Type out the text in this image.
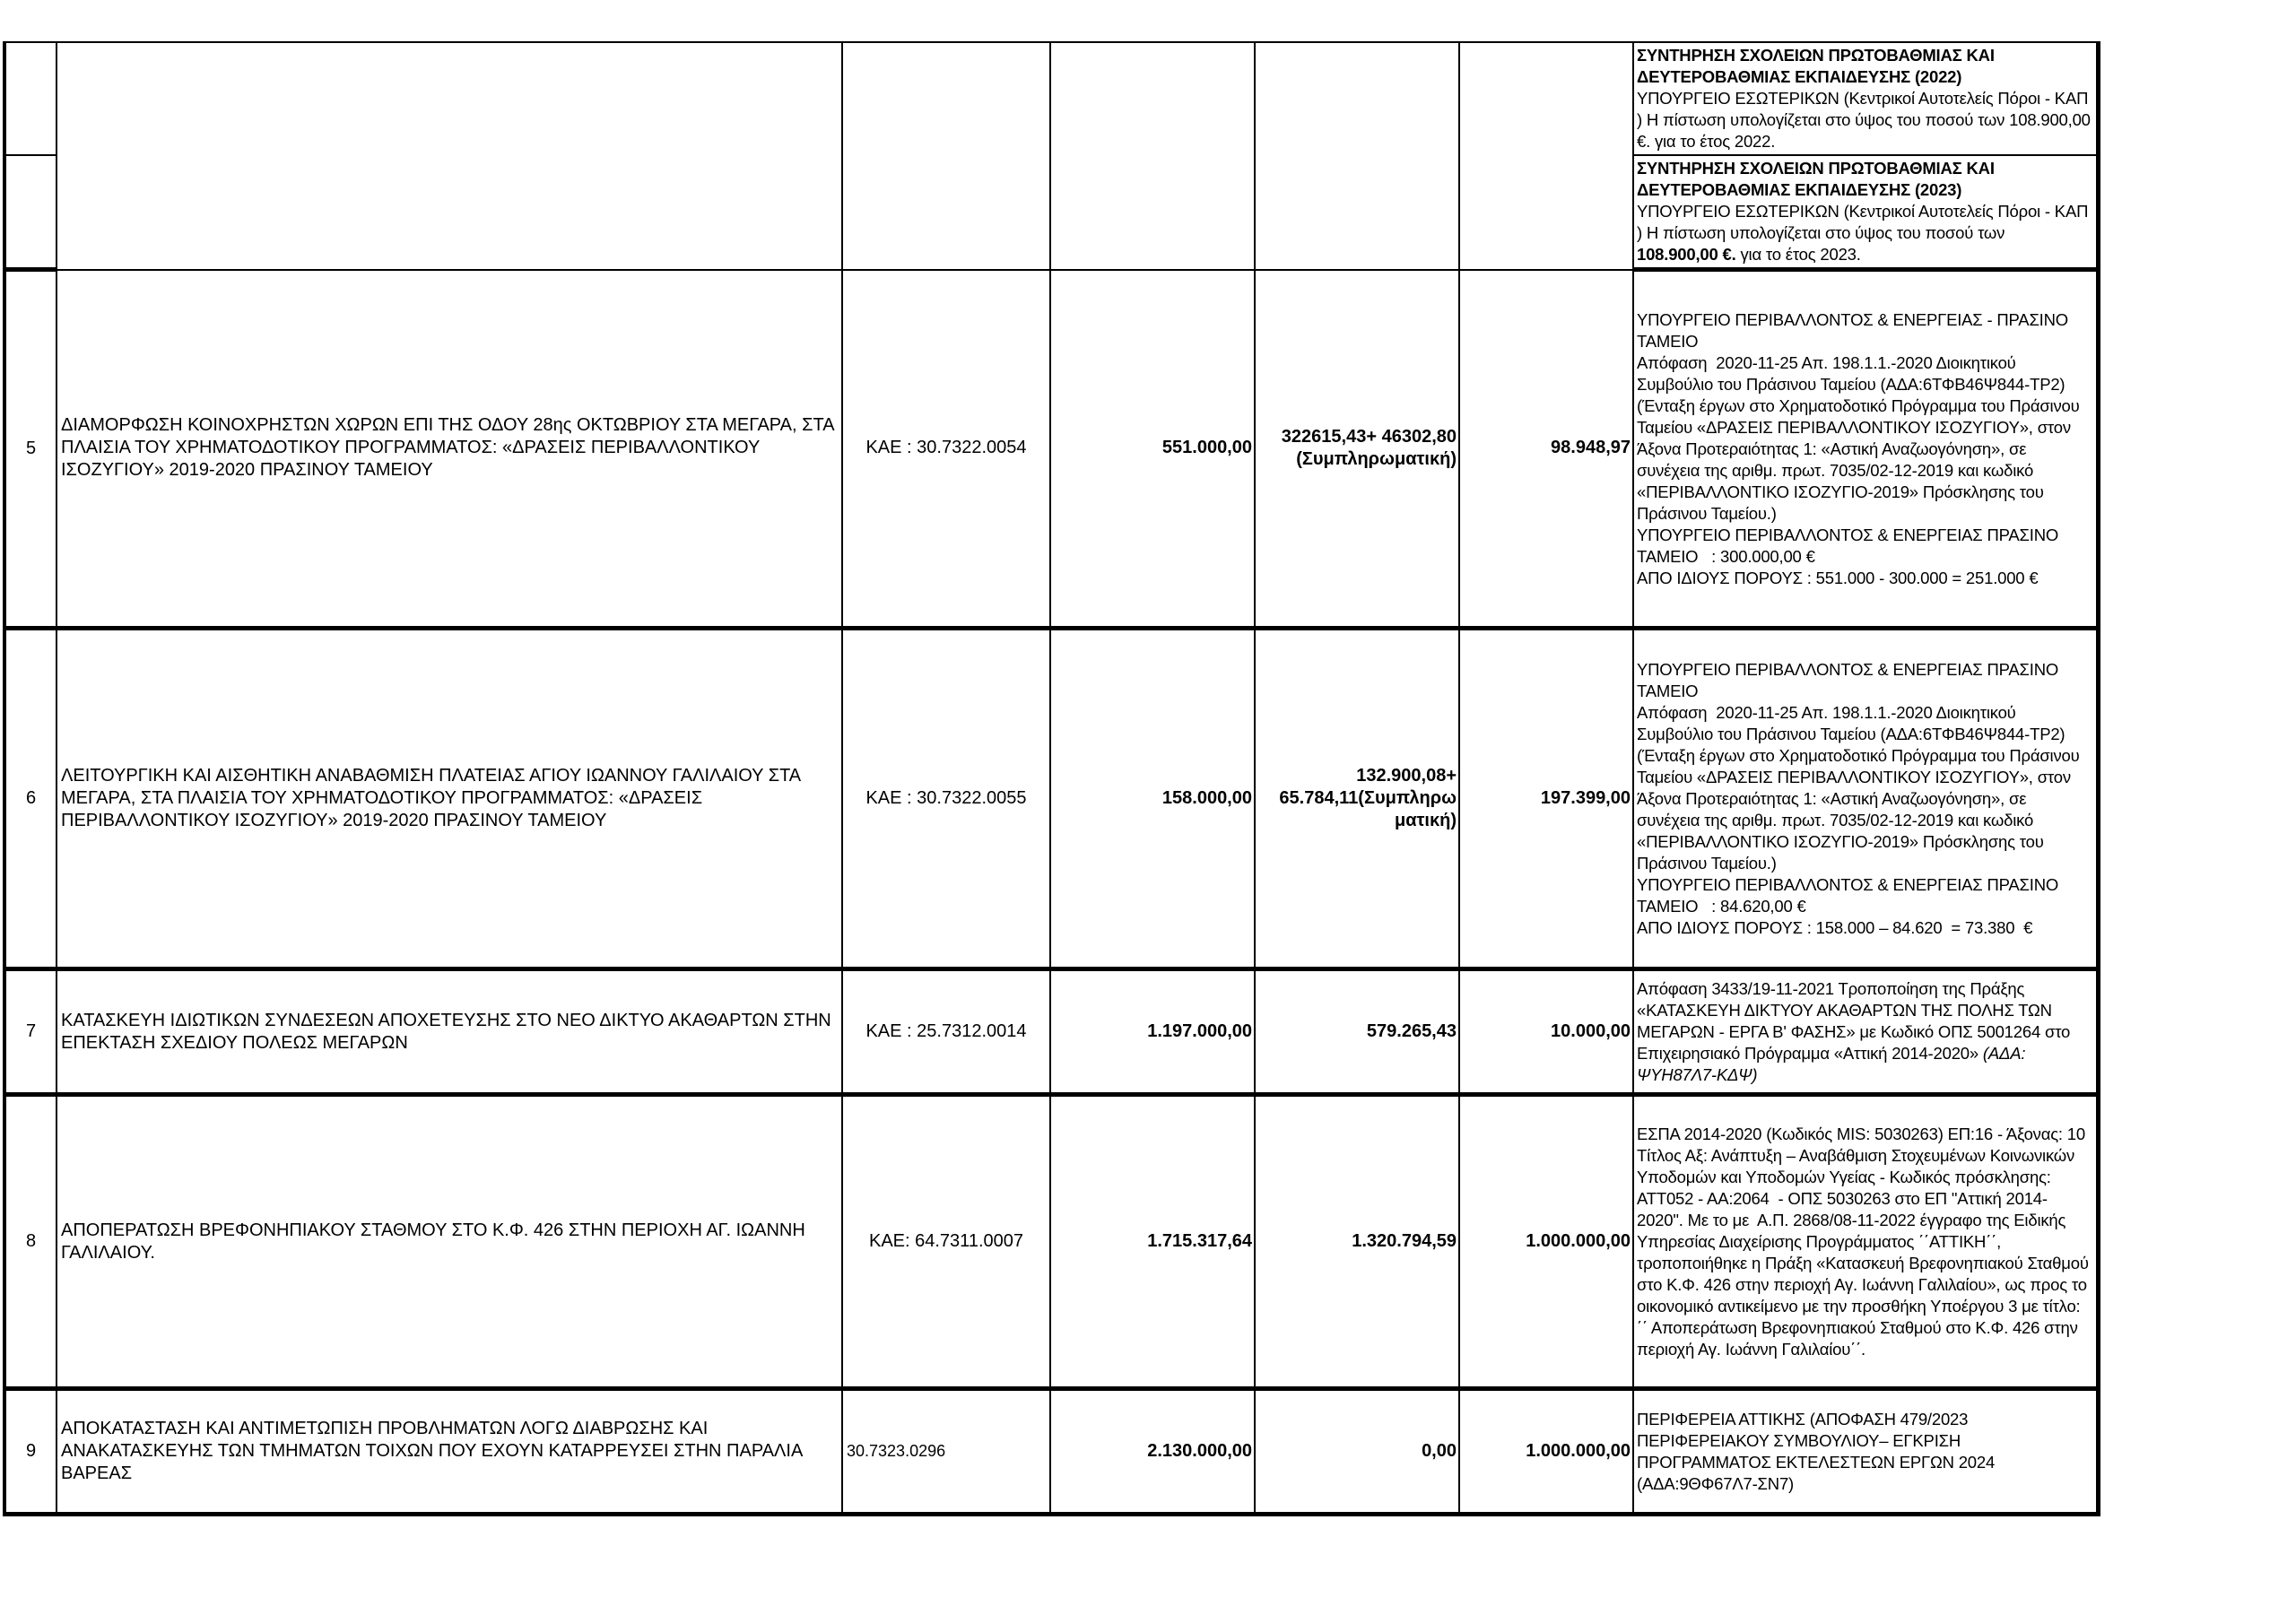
						ΣΥΝΤΗΡΗΣΗ ΣΧΟΛΕΙΩΝ ΠΡΩΤΟΒΑΘΜΙΑΣ ΚΑΙ ΔΕΥΤΕΡΟΒΑΘΜΙΑΣ ΕΚΠΑΙΔΕΥΣΗΣ (2022)
ΥΠΟΥΡΓΕΙΟ ΕΣΩΤΕΡΙΚΩΝ (Κεντρικοί Αυτοτελείς Πόροι - ΚΑΠ ) Η πίστωση υπολογίζεται στο ύψος του ποσού των 108.900,00 €. για το έτος 2022.
						ΣΥΝΤΗΡΗΣΗ ΣΧΟΛΕΙΩΝ ΠΡΩΤΟΒΑΘΜΙΑΣ ΚΑΙ ΔΕΥΤΕΡΟΒΑΘΜΙΑΣ ΕΚΠΑΙΔΕΥΣΗΣ (2023)
ΥΠΟΥΡΓΕΙΟ ΕΣΩΤΕΡΙΚΩΝ (Κεντρικοί Αυτοτελείς Πόροι - ΚΑΠ ) Η πίστωση υπολογίζεται στο ύψος του ποσού των
108.900,00 €. για το έτος 2023.
5	ΔΙΑΜΟΡΦΩΣΗ ΚΟΙΝΟΧΡΗΣΤΩΝ ΧΩΡΩΝ ΕΠΙ ΤΗΣ ΟΔΟΥ 28ης ΟΚΤΩΒΡΙΟΥ ΣΤΑ ΜΕΓΑΡΑ, ΣΤΑ ΠΛΑΙΣΙΑ ΤΟΥ ΧΡΗΜΑΤΟΔΟΤΙΚΟΥ ΠΡΟΓΡΑΜΜΑΤΟΣ: «ΔΡΑΣΕΙΣ ΠΕΡΙΒΑΛΛΟΝΤΙΚΟΥ ΙΣΟΖΥΓΙΟΥ» 2019-2020 ΠΡΑΣΙΝΟΥ ΤΑΜΕΙΟΥ	ΚΑΕ : 30.7322.0054	551.000,00	322615,43+ 46302,80 (Συμπληρωματική)	98.948,97	ΥΠΟΥΡΓΕΙΟ ΠΕΡΙΒΑΛΛΟΝΤΟΣ & ΕΝΕΡΓΕΙΑΣ - ΠΡΑΣΙΝΟ ΤΑΜΕΙΟ
Απόφαση  2020-11-25 Απ. 198.1.1.-2020 Διοικητικού Συμβούλιο του Πράσινου Ταμείου (ΑΔΑ:6ΤΦΒ46Ψ844-ΤΡ2)
(Ένταξη έργων στο Χρηματοδοτικό Πρόγραμμα του Πράσινου Ταμείου «ΔΡΑΣΕΙΣ ΠΕΡΙΒΑΛΛΟΝΤΙΚΟΥ ΙΣΟΖΥΓΙΟΥ», στον Άξονα Προτεραιότητας 1: «Αστική Αναζωογόνηση», σε συνέχεια της αριθμ. πρωτ. 7035/02-12-2019 και κωδικό «ΠΕΡΙΒΑΛΛΟΝΤΙΚΟ ΙΣΟΖΥΓΙΟ-2019» Πρόσκλησης του Πράσινου Ταμείου.)
ΥΠΟΥΡΓΕΙΟ ΠΕΡΙΒΑΛΛΟΝΤΟΣ & ΕΝΕΡΓΕΙΑΣ ΠΡΑΣΙΝΟ ΤΑΜΕΙΟ   : 300.000,00 €
ΑΠΟ ΙΔΙΟΥΣ ΠΟΡΟΥΣ : 551.000 - 300.000 = 251.000 €

6	ΛΕΙΤΟΥΡΓΙΚΗ ΚΑΙ ΑΙΣΘΗΤΙΚΗ ΑΝΑΒΑΘΜΙΣΗ ΠΛΑΤΕΙΑΣ ΑΓΙΟΥ ΙΩΑΝΝΟΥ ΓΑΛΙΛΑΙΟΥ ΣΤΑ ΜΕΓΑΡΑ, ΣΤΑ ΠΛΑΙΣΙΑ ΤΟΥ ΧΡΗΜΑΤΟΔΟΤΙΚΟΥ ΠΡΟΓΡΑΜΜΑΤΟΣ: «ΔΡΑΣΕΙΣ ΠΕΡΙΒΑΛΛΟΝΤΙΚΟΥ ΙΣΟΖΥΓΙΟΥ» 2019-2020 ΠΡΑΣΙΝΟΥ ΤΑΜΕΙΟΥ	ΚΑΕ : 30.7322.0055	158.000,00	132.900,08+ 65.784,11(Συμπληρω ματική)	197.399,00	ΥΠΟΥΡΓΕΙΟ ΠΕΡΙΒΑΛΛΟΝΤΟΣ & ΕΝΕΡΓΕΙΑΣ ΠΡΑΣΙΝΟ ΤΑΜΕΙΟ
Απόφαση  2020-11-25 Απ. 198.1.1.-2020 Διοικητικού Συμβούλιο του Πράσινου Ταμείου (ΑΔΑ:6ΤΦΒ46Ψ844-ΤΡ2)(Ένταξη έργων στο Χρηματοδοτικό Πρόγραμμα του Πράσινου Ταμείου «ΔΡΑΣΕΙΣ ΠΕΡΙΒΑΛΛΟΝΤΙΚΟΥ ΙΣΟΖΥΓΙΟΥ», στον Άξονα Προτεραιότητας 1: «Αστική Αναζωογόνηση», σε συνέχεια της αριθμ. πρωτ. 7035/02-12-2019 και κωδικό «ΠΕΡΙΒΑΛΛΟΝΤΙΚΟ ΙΣΟΖΥΓΙΟ-2019» Πρόσκλησης του Πράσινου Ταμείου.)
ΥΠΟΥΡΓΕΙΟ ΠΕΡΙΒΑΛΛΟΝΤΟΣ & ΕΝΕΡΓΕΙΑΣ ΠΡΑΣΙΝΟ ΤΑΜΕΙΟ   : 84.620,00 €
ΑΠΟ ΙΔΙΟΥΣ ΠΟΡΟΥΣ : 158.000 – 84.620  = 73.380  €

7	ΚΑΤΑΣΚΕΥΗ ΙΔΙΩΤΙΚΩΝ ΣΥΝΔΕΣΕΩΝ ΑΠΟΧΕΤΕΥΣΗΣ ΣΤΟ ΝΕΟ ΔΙΚΤΥΟ ΑΚΑΘΑΡΤΩΝ ΣΤΗΝ ΕΠΕΚΤΑΣΗ ΣΧΕΔΙΟΥ ΠΟΛΕΩΣ ΜΕΓΑΡΩΝ	ΚΑΕ : 25.7312.0014	1.197.000,00	579.265,43	10.000,00	Απόφαση 3433/19-11-2021 Τροποποίηση της Πράξης «ΚΑΤΑΣΚΕΥΗ ΔΙΚΤΥΟΥ ΑΚΑΘΑΡΤΩΝ ΤΗΣ ΠΟΛΗΣ ΤΩΝ ΜΕΓΑΡΩΝ - ΕΡΓΑ Β' ΦΑΣΗΣ» με Κωδικό ΟΠΣ 5001264 στο Επιχειρησιακό Πρόγραμμα «Αττική 2014-2020» (ΑΔΑ: ΨΥΗ87Λ7-ΚΔΨ)
8	ΑΠΟΠΕΡΑΤΩΣΗ ΒΡΕΦΟΝΗΠΙΑΚΟΥ ΣΤΑΘΜΟΥ ΣΤΟ Κ.Φ. 426 ΣΤΗΝ ΠΕΡΙΟΧΗ ΑΓ. ΙΩΑΝΝΗ ΓΑΛΙΛΑΙΟΥ.	ΚΑΕ: 64.7311.0007	1.715.317,64	1.320.794,59	1.000.000,00	ΕΣΠΑ 2014-2020 (Κωδικός MIS: 5030263) ΕΠ:16 - Άξονας: 10 Τίτλος Αξ: Ανάπτυξη – Αναβάθμιση Στοχευμένων Κοινωνικών Υποδομών και Υποδομών Υγείας - Κωδικός πρόσκλησης: ΑΤΤ052 - ΑΑ:2064  - ΟΠΣ 5030263 στο ΕΠ "Αττική 2014-2020". Με το με  Α.Π. 2868/08-11-2022 έγγραφο της Ειδικής Υπηρεσίας Διαχείρισης Προγράμματος ΄΄ΑΤΤΙΚΗ΄΄, τροποποιήθηκε η Πράξη «Κατασκευή Βρεφονηπιακού Σταθμού στο Κ.Φ. 426 στην περιοχή Αγ. Ιωάννη Γαλιλαίου», ως προς το οικονομικό αντικείμενο με την προσθήκη Υποέργου 3 με τίτλο: ΄΄ Αποπεράτωση Βρεφονηπιακού Σταθμού στο Κ.Φ. 426 στην περιοχή Αγ. Ιωάννη Γαλιλαίου΄΄.

9	ΑΠΟΚΑΤΑΣΤΑΣΗ ΚΑΙ ΑΝΤΙΜΕΤΩΠΙΣΗ ΠΡΟΒΛΗΜΑΤΩΝ ΛΟΓΩ ΔΙΑΒΡΩΣΗΣ ΚΑΙ ΑΝΑΚΑΤΑΣΚΕΥΗΣ ΤΩΝ ΤΜΗΜΑΤΩΝ ΤΟΙΧΩΝ ΠΟΥ ΕΧΟΥΝ ΚΑΤΑΡΡΕΥΣΕΙ ΣΤΗΝ ΠΑΡΑΛΙΑ ΒΑΡΕΑΣ	30.7323.0296	2.130.000,00	0,00	1.000.000,00	ΠΕΡΙΦΕΡΕΙΑ ΑΤΤΙΚΗΣ (ΑΠΟΦΑΣΗ 479/2023 ΠΕΡΙΦΕΡΕΙΑΚΟΥ ΣΥΜΒΟΥΛΙΟΥ– ΕΓΚΡΙΣΗ ΠΡΟΓΡΑΜΜΑΤΟΣ ΕΚΤΕΛΕΣΤΕΩΝ ΕΡΓΩΝ 2024 (ΑΔΑ:9ΘΦ67Λ7-ΣΝ7)
